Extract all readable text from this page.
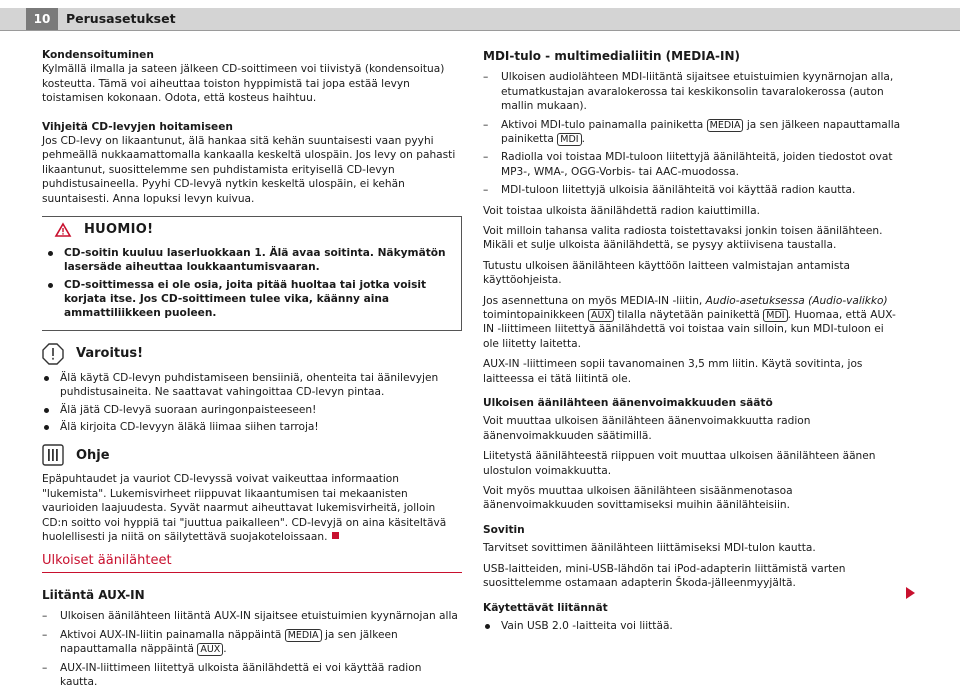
10	Perusasetukset

Kondensoituminen

Kylmällä ilmalla ja sateen jälkeen CD-soittimeen voi tiivistyä (kondensoitua) kosteutta. Tämä voi aiheuttaa toiston hyppimistä tai jopa estää levyn toistamisen kokonaan. Odota, että kosteus haihtuu.

Vihjeitä CD-levyjen hoitamiseen

Jos CD-levy on likaantunut, älä hankaa sitä kehän suuntaisesti vaan pyyhi pehmeällä nukkaamattomalla kankaalla keskeltä ulospäin. Jos levy on pahasti likaantunut, suosittelemme sen puhdistamista erityisellä CD-levyn puhdistusaineella. Pyyhi CD-levyä nytkin keskeltä ulospäin, ei kehän suuntaisesti. Anna lopuksi levyn kuivua.

HUOMIO!
CD-soitin kuuluu laserluokkaan 1. Älä avaa soitinta. Näkymätön lasersäde aiheuttaa loukkaantumisvaaran.
CD-soittimessa ei ole osia, joita pitää huoltaa tai jotka voisit korjata itse. Jos CD-soittimeen tulee vika, käänny aina ammattiliikkeen puoleen.
Varoitus!
Älä käytä CD-levyn puhdistamiseen bensiiniä, ohenteita tai äänilevyjen puhdistusaineita. Ne saattavat vahingoittaa CD-levyn pintaa.
Älä jätä CD-levyä suoraan auringonpaisteeseen!
Älä kirjoita CD-levyyn äläkä liimaa siihen tarroja!
Ohje

Epäpuhtaudet ja vauriot CD-levyssä voivat vaikeuttaa informaation "lukemista". Lukemisvirheet riippuvat likaantumisen tai mekaanisten vaurioiden laajuudesta. Syvät naarmut aiheuttavat lukemisvirheitä, jolloin CD:n soitto voi hyppiä tai "juuttua paikalleen". CD-levyjä on aina käsiteltävä huolellisesti ja niitä on säilytettävä suojakoteloissaan.

Ulkoiset äänilähteet

Liitäntä AUX-IN

– Ulkoisen äänilähteen liitäntä AUX-IN sijaitsee etuistuimien kyynärnojan alla
– Aktivoi AUX-IN-liitin painamalla näppäintä MEDIA ja sen jälkeen napauttamalla näppäintä AUX .
– AUX-IN-liittimeen liitettyä ulkoista äänilähdettä ei voi käyttää radion kautta.

MDI-tulo - multimedialiitin (MEDIA-IN)

– Ulkoisen audiolähteen MDI-liitäntä sijaitsee etuistuimien kyynärnojan alla, etumatkustajan avaralokerossa tai keskikonsolin tavaralokerossa (auton mallin mukaan).
– Aktivoi MDI-tulo painamalla painiketta MEDIA ja sen jälkeen napauttamalla painiketta MDI .
– Radiolla voi toistaa MDI-tuloon liitettyjä äänilähteitä, joiden tiedostot ovat MP3-, WMA-, OGG-Vorbis- tai AAC-muodossa.
– MDI-tuloon liitettyjä ulkoisia äänilähteitä voi käyttää radion kautta.

Voit toistaa ulkoista äänilähdettä radion kaiuttimilla.

Voit milloin tahansa valita radiosta toistettavaksi jonkin toisen äänilähteen. Mikäli et sulje ulkoista äänilähdettä, se pysyy aktiivisena taustalla.

Tutustu ulkoisen äänilähteen käyttöön laitteen valmistajan antamista käyttöohjeista.

Jos asennettuna on myös MEDIA-IN -liitin, Audio-asetuksessa (Audio-valikko) toimintopainikkeen AUX tilalla näytetään painikettä MDI . Huomaa, että AUX-IN -liittimeen liitettyä äänilähdettä voi toistaa vain silloin, kun MDI-tuloon ei ole liitetty laitetta.

AUX-IN -liittimeen sopii tavanomainen 3,5 mm liitin. Käytä sovitinta, jos laitteessa ei tätä liitintä ole.

Ulkoisen äänilähteen äänenvoimakkuuden säätö

Voit muuttaa ulkoisen äänilähteen äänenvoimakkuutta radion äänenvoimakkuuden säätimillä.

Liitetystä äänilähteestä riippuen voit muuttaa ulkoisen äänilähteen äänen ulostulon voimakkuutta.

Voit myös muuttaa ulkoisen äänilähteen sisäänmenotasoa äänenvoimakkuuden sovittamiseksi muihin äänilähteisiin.

Sovitin

Tarvitset sovittimen äänilähteen liittämiseksi MDI-tulon kautta.

USB-laitteiden, mini-USB-lähdön tai iPod-adapterin liittämistä varten suosittelemme ostamaan adapterin Škoda-jälleenmyyjältä.

Käytettävät liitännät

Vain USB 2.0 -laitteita voi liittää.
